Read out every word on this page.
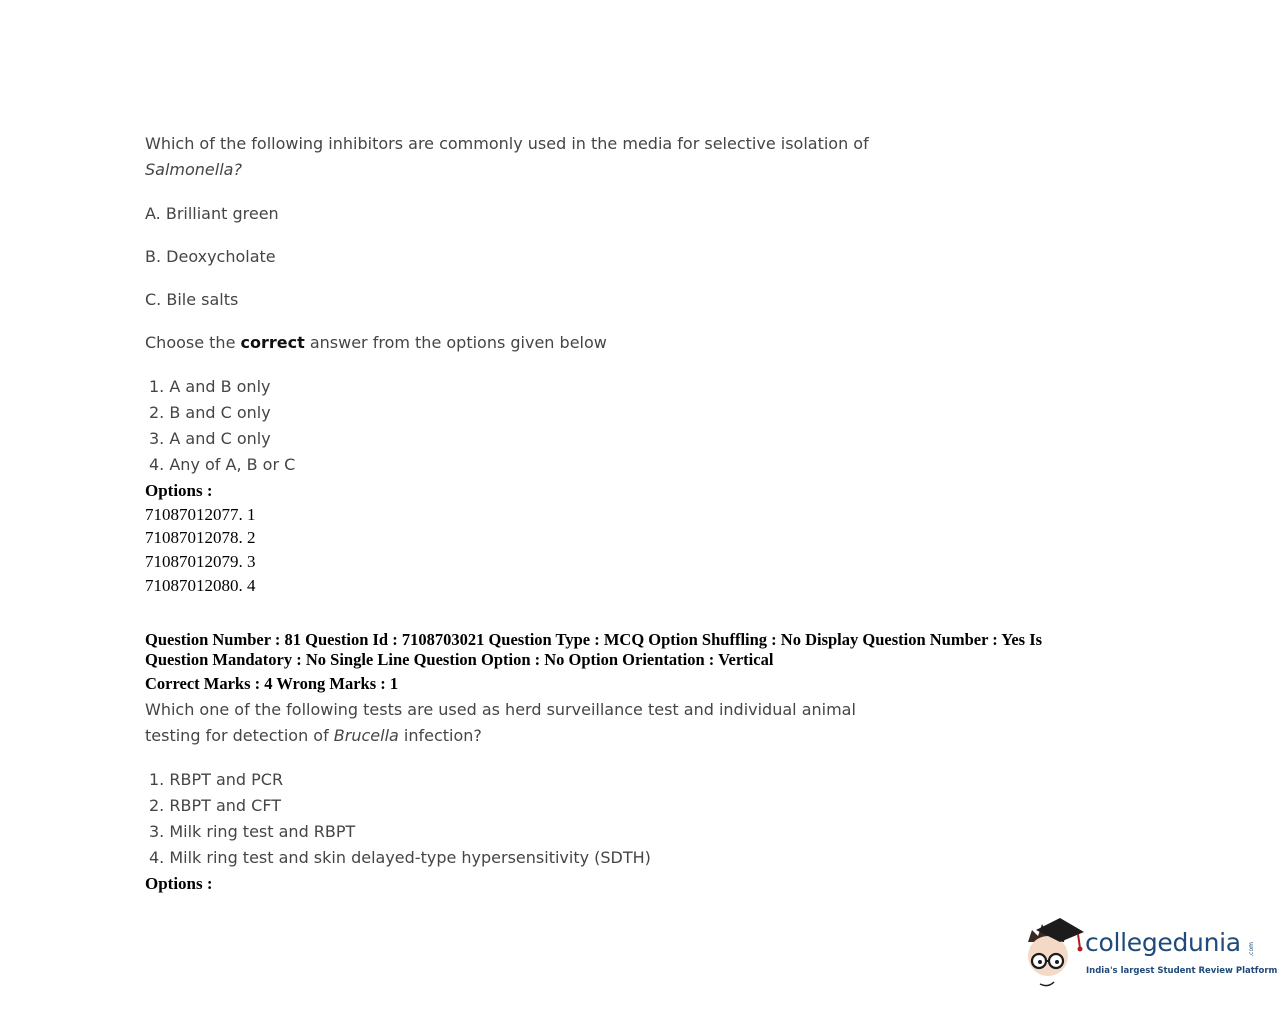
Which of the following inhibitors are commonly used in the media for selective isolation of
Salmonella?
A. Brilliant green
B. Deoxycholate
C. Bile salts
Choose the correct answer from the options given below
1. A and B only
2. B and C only
3. A and C only
4. Any of A, B or C
Options :
71087012077. 1
71087012078. 2
71087012079. 3
71087012080. 4
Question Number : 81 Question Id : 7108703021 Question Type : MCQ Option Shuffling : No Display Question Number : Yes Is
Question Mandatory : No Single Line Question Option : No Option Orientation : Vertical
Correct Marks : 4 Wrong Marks : 1
Which one of the following tests are used as herd surveillance test and individual animal
testing for detection of Brucella infection?
1. RBPT and PCR
2. RBPT and CFT
3. Milk ring test and RBPT
4. Milk ring test and skin delayed-type hypersensitivity (SDTH)
Options :
collegedunia .com
India's largest Student Review Platform
